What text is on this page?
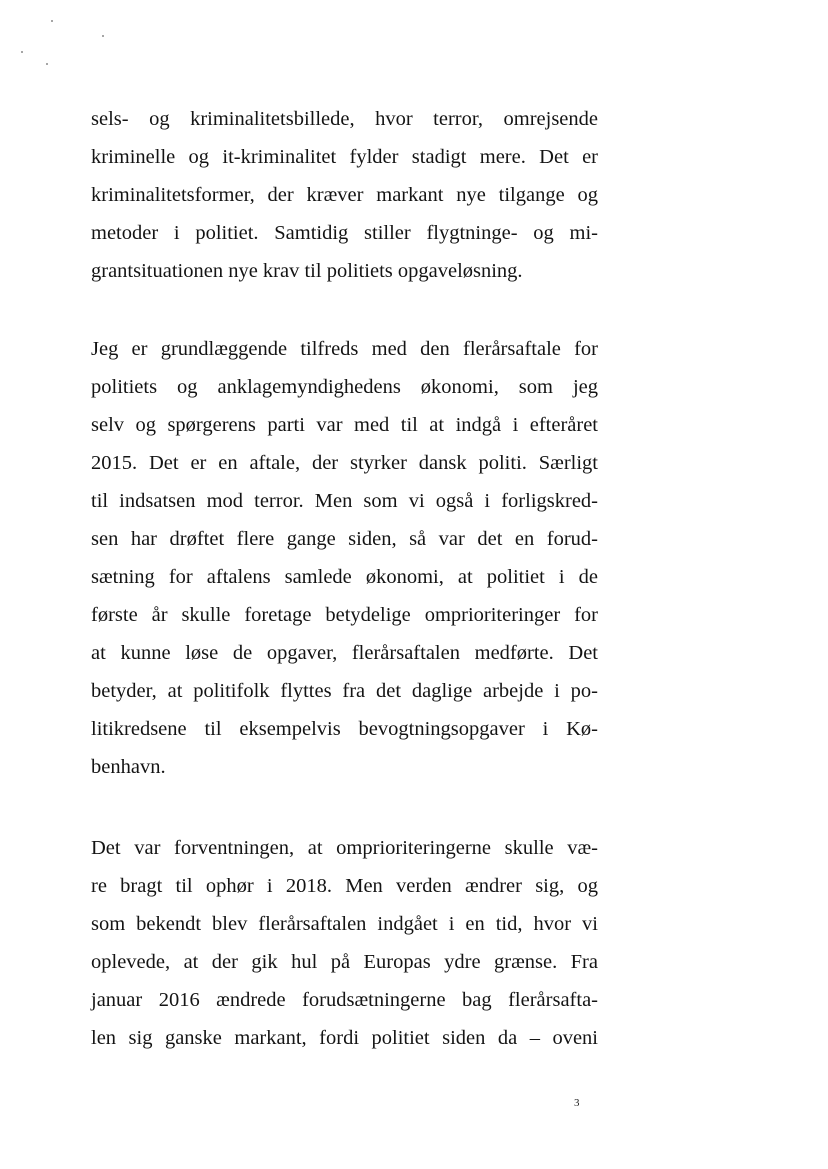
sels- og kriminalitetsbillede, hvor terror, omrejsende
kriminelle og it-kriminalitet fylder stadigt mere. Det er
kriminalitetsformer, der kræver markant nye tilgange og
metoder i politiet. Samtidig stiller flygtninge- og mi-
grantsituationen nye krav til politiets opgaveløsning.
Jeg er grundlæggende tilfreds med den flerårsaftale for
politiets og anklagemyndighedens økonomi, som jeg
selv og spørgerens parti var med til at indgå i efteråret
2015. Det er en aftale, der styrker dansk politi. Særligt
til indsatsen mod terror. Men som vi også i forligskred-
sen har drøftet flere gange siden, så var det en forud-
sætning for aftalens samlede økonomi, at politiet i de
første år skulle foretage betydelige omprioriteringer for
at kunne løse de opgaver, flerårsaftalen medførte. Det
betyder, at politifolk flyttes fra det daglige arbejde i po-
litikredsene til eksempelvis bevogtningsopgaver i Kø-
benhavn.
Det var forventningen, at omprioriteringerne skulle væ-
re bragt til ophør i 2018. Men verden ændrer sig, og
som bekendt blev flerårsaftalen indgået i en tid, hvor vi
oplevede, at der gik hul på Europas ydre grænse. Fra
januar 2016 ændrede forudsætningerne bag flerårsafta-
len sig ganske markant, fordi politiet siden da – oveni
3
